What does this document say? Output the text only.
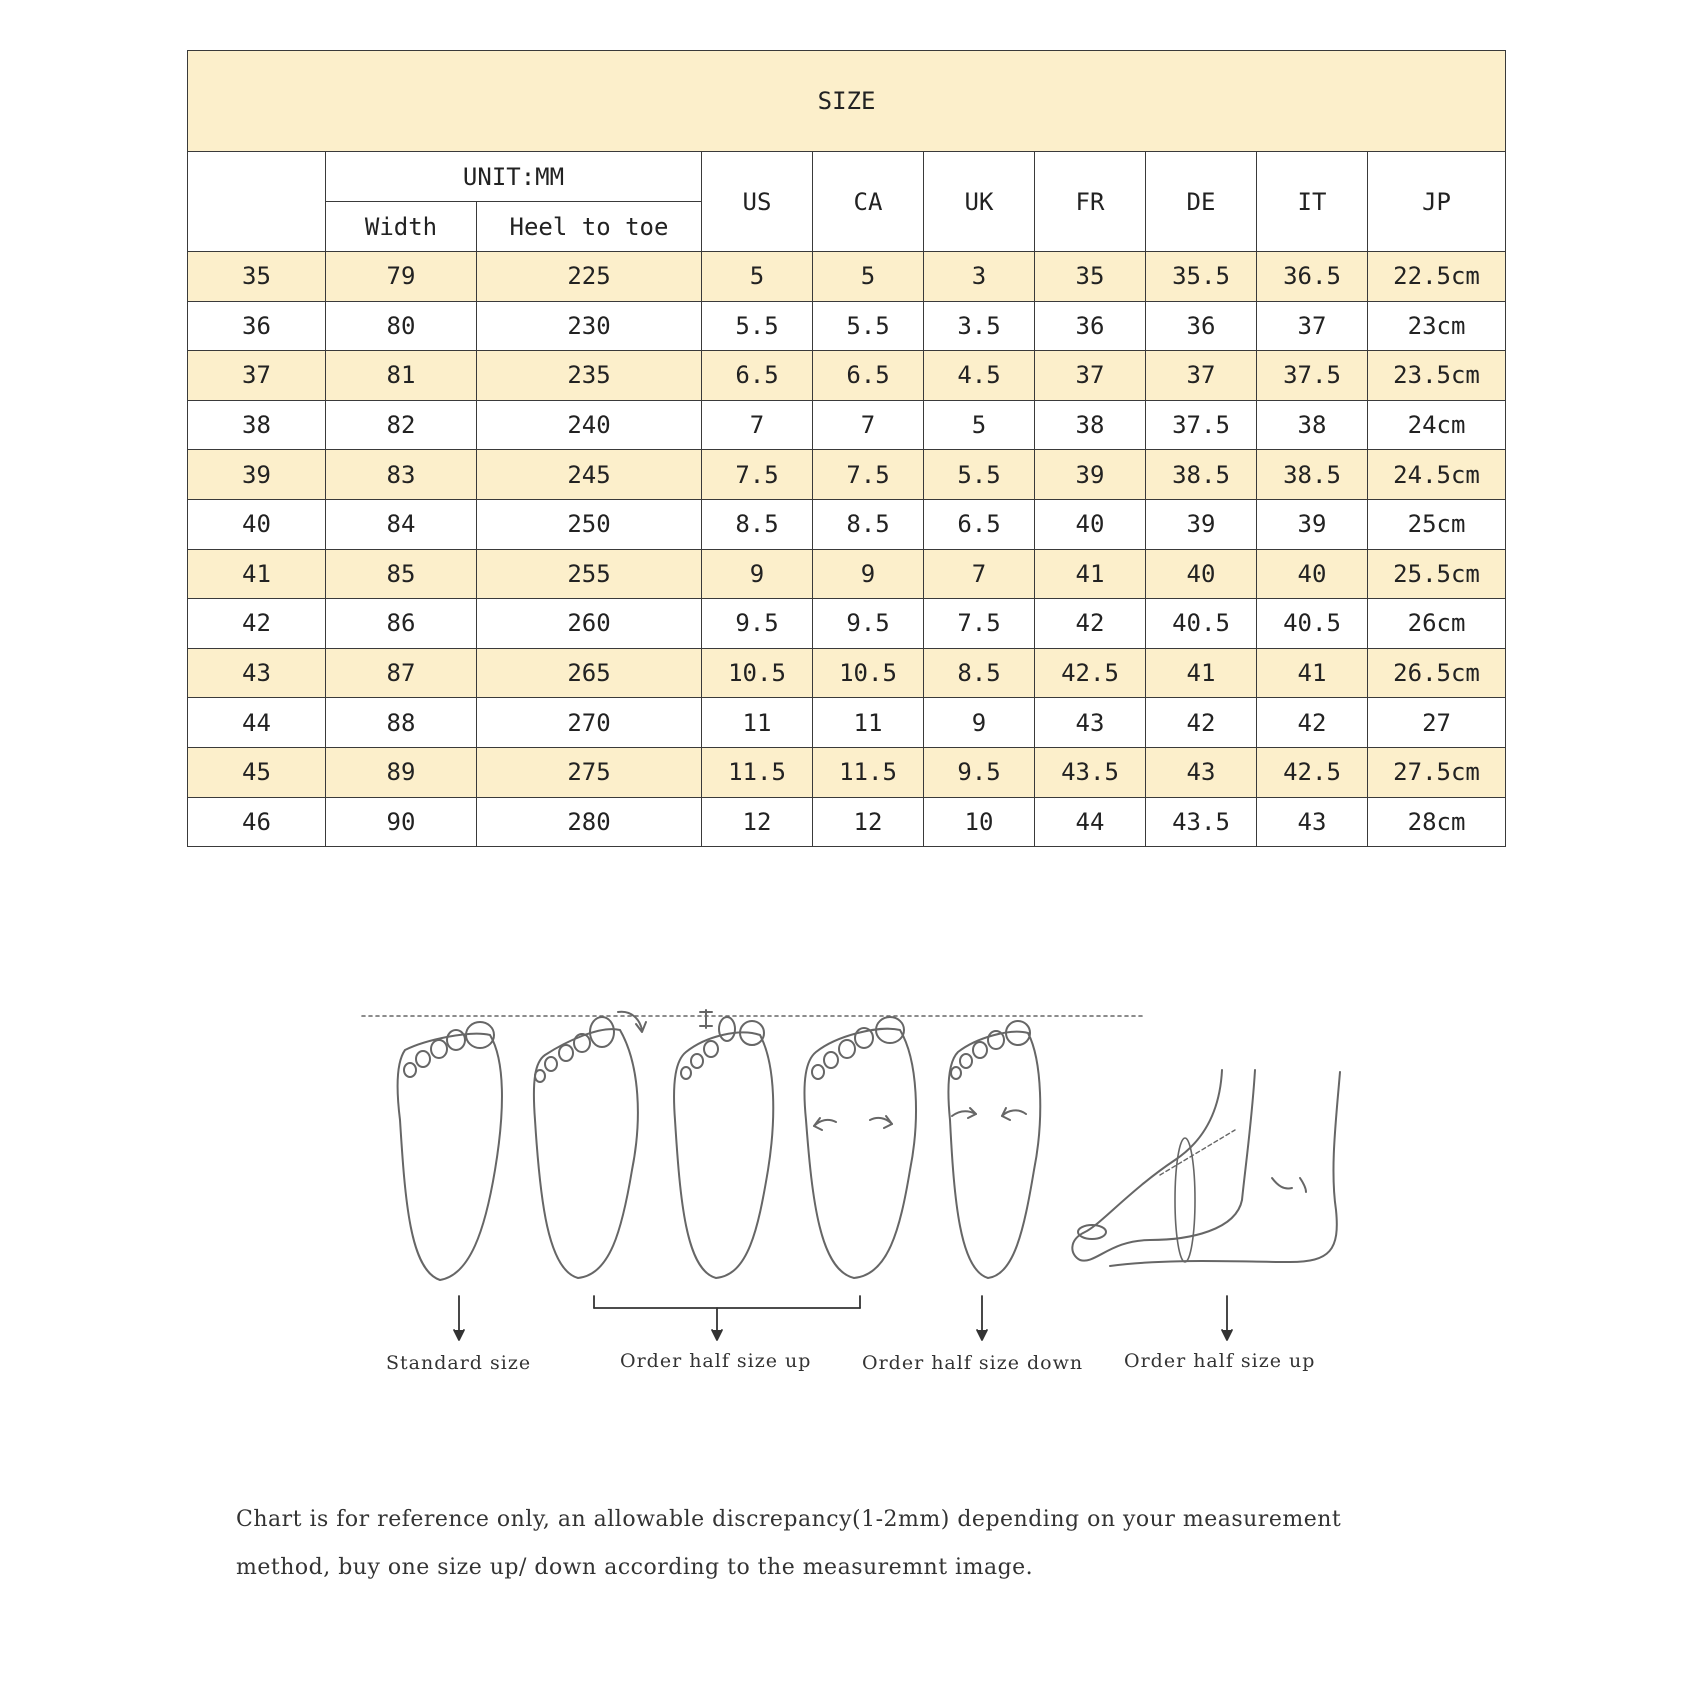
SIZE									
	UNIT:MM		US	CA	UK	FR	DE	IT	JP
	Width	Heel to toe							
35	79	225	5	5	3	35	35.5	36.5	22.5cm
36	80	230	5.5	5.5	3.5	36	36	37	23cm
37	81	235	6.5	6.5	4.5	37	37	37.5	23.5cm
38	82	240	7	7	5	38	37.5	38	24cm
39	83	245	7.5	7.5	5.5	39	38.5	38.5	24.5cm
40	84	250	8.5	8.5	6.5	40	39	39	25cm
41	85	255	9	9	7	41	40	40	25.5cm
42	86	260	9.5	9.5	7.5	42	40.5	40.5	26cm
43	87	265	10.5	10.5	8.5	42.5	41	41	26.5cm
44	88	270	11	11	9	43	42	42	27
45	89	275	11.5	11.5	9.5	43.5	43	42.5	27.5cm
46	90	280	12	12	10	44	43.5	43	28cm
Standard size	Order half size up	Order half size down Order half size up
Chart is for reference only, an allowable discrepancy(1-2mm) depending on your measurement
method, buy one size up/ down according to the measuremnt image.
